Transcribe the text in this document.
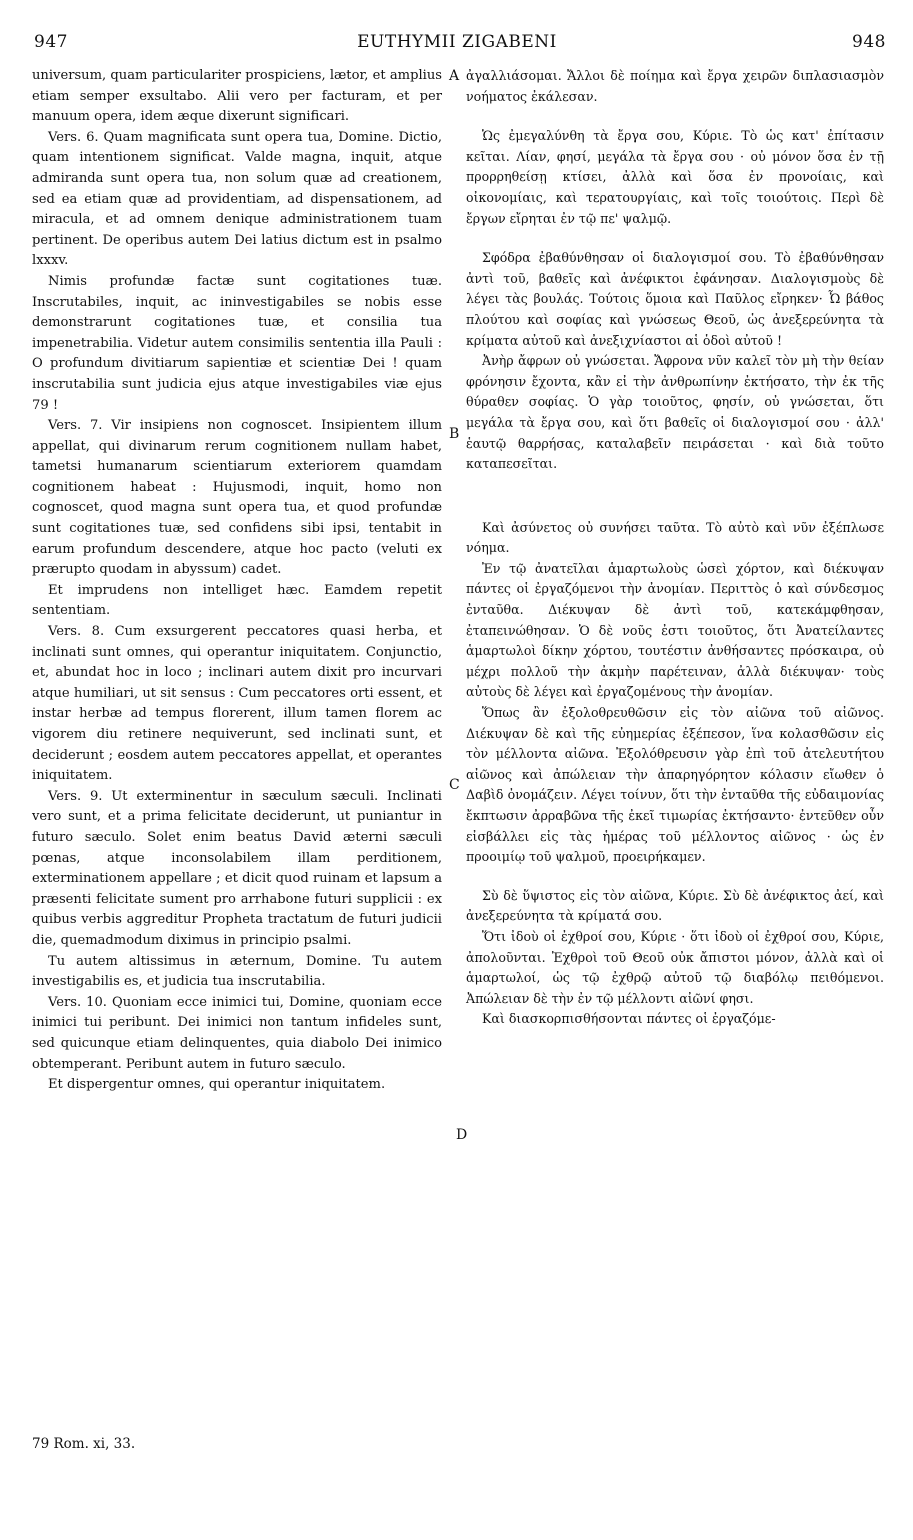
947	EUTHYMII ZIGABENI	948
A
B
C
D

universum, quam particulariter prospiciens, lætor, et amplius etiam semper exsultabo. Alii vero per facturam, et per manuum opera, idem æque dixerunt significari.

Vers. 6. Quam magnificata sunt opera tua, Domine. Dictio, quam intentionem significat. Valde magna, inquit, atque admiranda sunt opera tua, non solum quæ ad creationem, sed ea etiam quæ ad providentiam, ad dispensationem, ad miracula, et ad omnem denique administrationem tuam pertinent. De operibus autem Dei latius dictum est in psalmo lxxxv.

Nimis profundæ factæ sunt cogitationes tuæ. Inscrutabiles, inquit, ac ininvestigabiles se nobis esse demonstrarunt cogitationes tuæ, et consilia tua impenetrabilia. Videtur autem consimilis sententia illa Pauli : O profundum divitiarum sapientiæ et scientiæ Dei ! quam inscrutabilia sunt judicia ejus atque investigabiles viæ ejus 79 !

Vers. 7. Vir insipiens non cognoscet. Insipientem illum appellat, qui divinarum rerum cognitionem nullam habet, tametsi humanarum scientiarum exteriorem quamdam cognitionem habeat : Hujusmodi, inquit, homo non cognoscet, quod magna sunt opera tua, et quod profundæ sunt cogitationes tuæ, sed confidens sibi ipsi, tentabit in earum profundum descendere, atque hoc pacto (veluti ex prærupto quodam in abyssum) cadet.

Et imprudens non intelliget hæc. Eamdem repetit sententiam.

Vers. 8. Cum exsurgerent peccatores quasi herba, et inclinati sunt omnes, qui operantur iniquitatem. Conjunctio, et, abundat hoc in loco ; inclinari autem dixit pro incurvari atque humiliari, ut sit sensus : Cum peccatores orti essent, et instar herbæ ad tempus florerent, illum tamen florem ac vigorem diu retinere nequiverunt, sed inclinati sunt, et deciderunt ; eosdem autem peccatores appellat, et operantes iniquitatem.

Vers. 9. Ut exterminentur in sæculum sæculi. Inclinati vero sunt, et a prima felicitate deciderunt, ut puniantur in futuro sæculo. Solet enim beatus David æterni sæculi pœnas, atque inconsolabilem illam perditionem, exterminationem appellare ; et dicit quod ruinam et lapsum a præsenti felicitate sument pro arrhabone futuri supplicii : ex quibus verbis aggreditur Propheta tractatum de futuri judicii die, quemadmodum diximus in principio psalmi.

Tu autem altissimus in æternum, Domine. Tu autem investigabilis es, et judicia tua inscrutabilia.

Vers. 10. Quoniam ecce inimici tui, Domine, quoniam ecce inimici tui peribunt. Dei inimici non tantum infideles sunt, sed quicunque etiam delinquentes, quia diabolo Dei inimico obtemperant. Peribunt autem in futuro sæculo.

Et dispergentur omnes, qui operantur iniquitatem.

ἀγαλλιάσομαι. Ἄλλοι δὲ ποίημα καὶ ἔργα χειρῶν διπλασιασμὸν νοήματος ἐκάλεσαν.

Ὡς ἐμεγαλύνθη τὰ ἔργα σου, Κύριε. Τὸ ὡς κατ' ἐπίτασιν κεῖται. Λίαν, φησί, μεγάλα τὰ ἔργα σου · οὐ μόνον ὅσα ἐν τῇ προρρηθείσῃ κτίσει, ἀλλὰ καὶ ὅσα ἐν προνοίαις, καὶ οἰκονομίαις, καὶ τερατουργίαις, καὶ τοῖς τοιούτοις. Περὶ δὲ ἔργων εἴρηται ἐν τῷ πε' ψαλμῷ.

Σφόδρα ἐβαθύνθησαν οἱ διαλογισμοί σου. Τὸ ἐβαθύνθησαν ἀντὶ τοῦ, βαθεῖς καὶ ἀνέφικτοι ἐφάνησαν. Διαλογισμοὺς δὲ λέγει τὰς βουλάς. Τούτοις ὅμοια καὶ Παῦλος εἴρηκεν· Ὦ βάθος πλούτου καὶ σοφίας καὶ γνώσεως Θεοῦ, ὡς ἀνεξερεύνητα τὰ κρίματα αὐτοῦ καὶ ἀνεξιχνίαστοι αἱ ὁδοὶ αὐτοῦ !

Ἀνὴρ ἄφρων οὐ γνώσεται. Ἄφρονα νῦν καλεῖ τὸν μὴ τὴν θείαν φρόνησιν ἔχοντα, κἂν εἰ τὴν ἀνθρωπίνην ἐκτήσατο, τὴν ἐκ τῆς θύραθεν σοφίας. Ὁ γὰρ τοιοῦτος, φησίν, οὐ γνώσεται, ὅτι μεγάλα τὰ ἔργα σου, καὶ ὅτι βαθεῖς οἱ διαλογισμοί σου · ἀλλ' ἑαυτῷ θαρρήσας, καταλαβεῖν πειράσεται · καὶ διὰ τοῦτο καταπεσεῖται.

Καὶ ἀσύνετος οὐ συνήσει ταῦτα. Τὸ αὐτὸ καὶ νῦν ἐξέπλωσε νόημα.

Ἐν τῷ ἀνατεῖλαι ἁμαρτωλοὺς ὡσεὶ χόρτον, καὶ διέκυψαν πάντες οἱ ἐργαζόμενοι τὴν ἀνομίαν. Περιττὸς ὁ καὶ σύνδεσμος ἐνταῦθα. Διέκυψαν δὲ ἀντὶ τοῦ, κατεκάμφθησαν, ἐταπεινώθησαν. Ὁ δὲ νοῦς ἐστι τοιοῦτος, ὅτι Ἀνατείλαντες ἁμαρτωλοὶ δίκην χόρτου, τουτέστιν ἀνθήσαντες πρόσκαιρα, οὐ μέχρι πολλοῦ τὴν ἀκμὴν παρέτειναν, ἀλλὰ διέκυψαν· τοὺς αὐτοὺς δὲ λέγει καὶ ἐργαζομένους τὴν ἀνομίαν.

Ὅπως ἂν ἐξολοθρευθῶσιν εἰς τὸν αἰῶνα τοῦ αἰῶνος. Διέκυψαν δὲ καὶ τῆς εὐημερίας ἐξέπεσον, ἵνα κολασθῶσιν εἰς τὸν μέλλοντα αἰῶνα. Ἐξολόθρευσιν γὰρ ἐπὶ τοῦ ἀτελευτήτου αἰῶνος καὶ ἀπώλειαν τὴν ἀπαρηγόρητον κόλασιν εἴωθεν ὁ Δαβὶδ ὀνομάζειν. Λέγει τοίνυν, ὅτι τὴν ἐνταῦθα τῆς εὐδαιμονίας ἔκπτωσιν ἀρραβῶνα τῆς ἐκεῖ τιμωρίας ἐκτήσαντο· ἐντεῦθεν οὖν εἰσβάλλει εἰς τὰς ἡμέρας τοῦ μέλλοντος αἰῶνος · ὡς ἐν προοιμίῳ τοῦ ψαλμοῦ, προειρήκαμεν.

Σὺ δὲ ὕψιστος εἰς τὸν αἰῶνα, Κύριε. Σὺ δὲ ἀνέφικτος ἀεί, καὶ ἀνεξερεύνητα τὰ κρίματά σου.

Ὅτι ἰδοὺ οἱ ἐχθροί σου, Κύριε · ὅτι ἰδοὺ οἱ ἐχθροί σου, Κύριε, ἀπολοῦνται. Ἐχθροὶ τοῦ Θεοῦ οὐκ ἄπιστοι μόνον, ἀλλὰ καὶ οἱ ἁμαρτωλοί, ὡς τῷ ἐχθρῷ αὐτοῦ τῷ διαβόλῳ πειθόμενοι. Ἀπώλειαν δὲ τὴν ἐν τῷ μέλλοντι αἰῶνί φησι.

Καὶ διασκορπισθήσονται πάντες οἱ ἐργαζόμε-

79 Rom. xi, 33.
